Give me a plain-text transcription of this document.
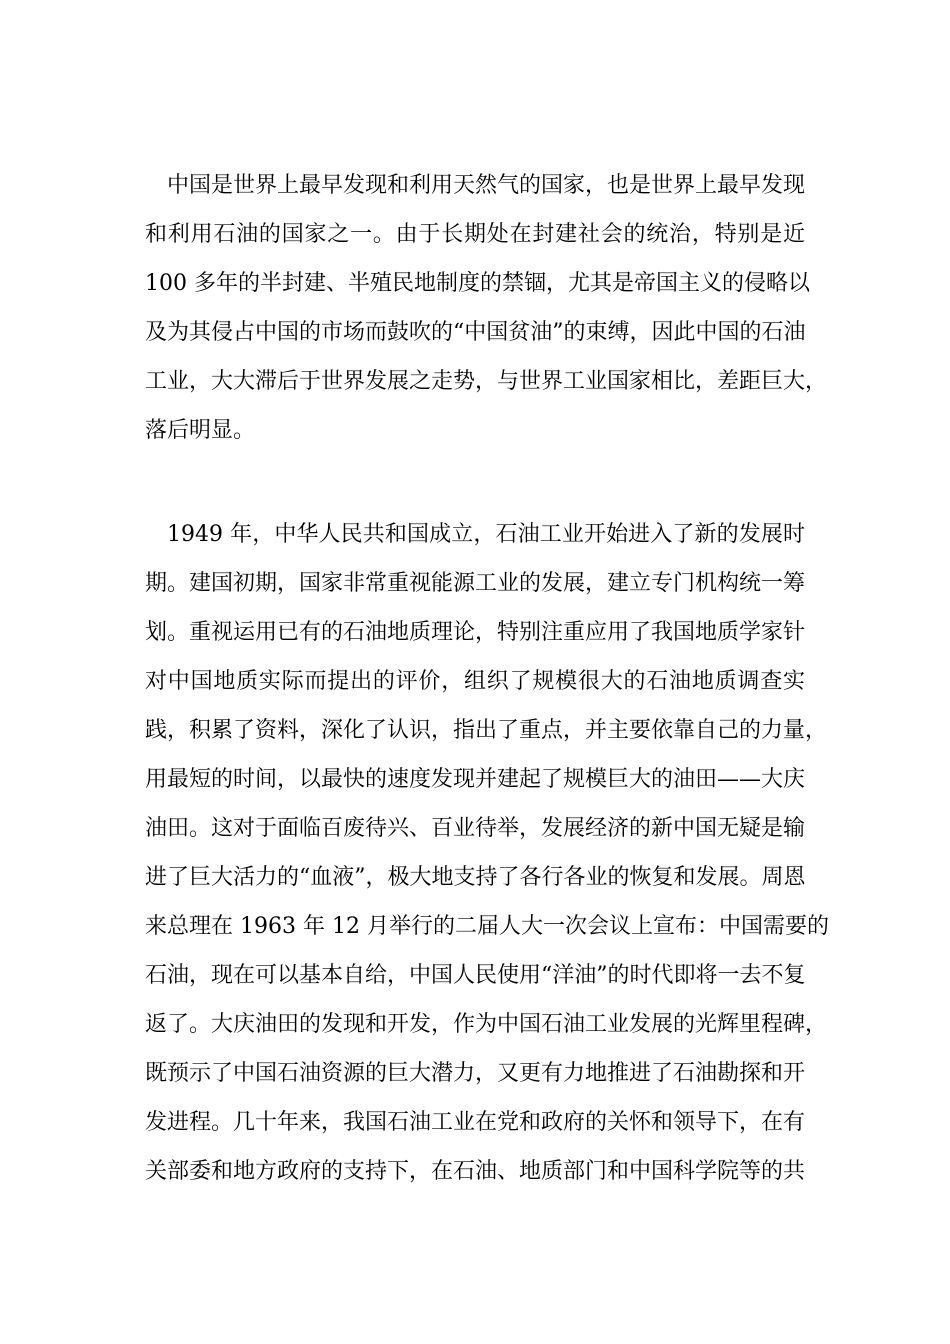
中国是世界上最早发现和利用天然气的国家，也是世界上最早发现
和利用石油的国家之一。由于长期处在封建社会的统治，特别是近
100 多年的半封建、半殖民地制度的禁锢，尤其是帝国主义的侵略以
及为其侵占中国的市场而鼓吹的“中国贫油”的束缚，因此中国的石油
工业，大大滞后于世界发展之走势，与世界工业国家相比，差距巨大，
落后明显。

1949 年，中华人民共和国成立，石油工业开始进入了新的发展时
期。建国初期，国家非常重视能源工业的发展，建立专门机构统一筹
划。重视运用已有的石油地质理论，特别注重应用了我国地质学家针
对中国地质实际而提出的评价，组织了规模很大的石油地质调查实
践，积累了资料，深化了认识，指出了重点，并主要依靠自己的力量，
用最短的时间，以最快的速度发现并建起了规模巨大的油田——大庆
油田。这对于面临百废待兴、百业待举，发展经济的新中国无疑是输
进了巨大活力的“血液”，极大地支持了各行各业的恢复和发展。周恩
来总理在 1963 年 12 月举行的二届人大一次会议上宣布：中国需要的
石油，现在可以基本自给，中国人民使用“洋油”的时代即将一去不复
返了。大庆油田的发现和开发，作为中国石油工业发展的光辉里程碑，
既预示了中国石油资源的巨大潜力，又更有力地推进了石油勘探和开
发进程。几十年来，我国石油工业在党和政府的关怀和领导下，在有
关部委和地方政府的支持下，在石油、地质部门和中国科学院等的共
